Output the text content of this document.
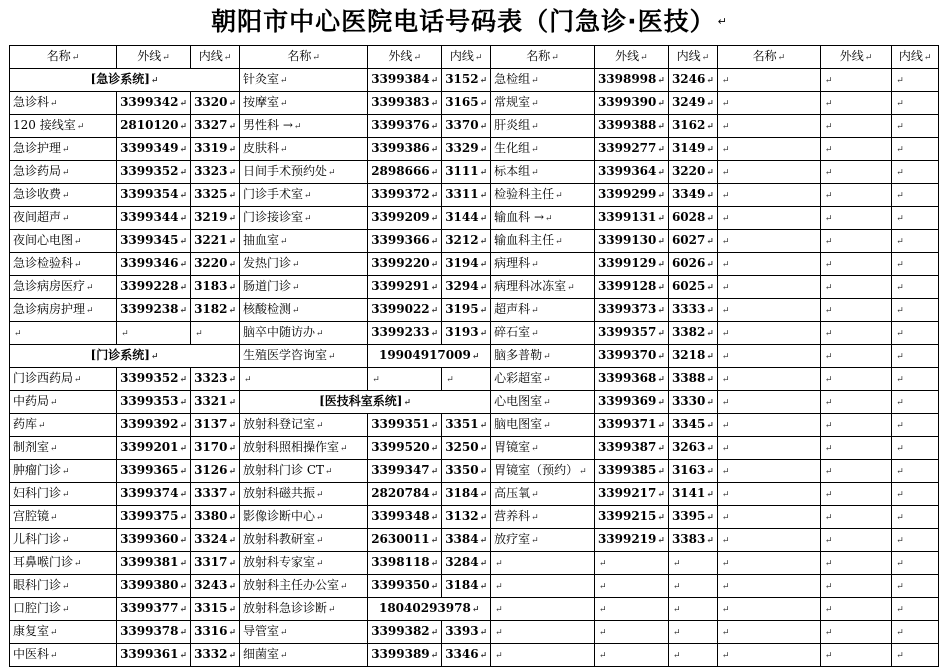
朝阳市中心医院电话号码表（门急诊·医技） ↵
名称↵	外线↵	内线↵	名称↵	外线↵	内线↵	名称↵	外线↵	内线↵	名称↵	外线↵	内线↵
[急诊系统]↵			针灸室↵	3399384↵	3152↵	急检组↵	3398998↵	3246↵	↵	↵	↵
急诊科↵	3399342↵	3320↵	按摩室↵	3399383↵	3165↵	常规室↵	3399390↵	3249↵	↵	↵	↵
120 接线室↵	2810120↵	3327↵	男性科 →↵	3399376↵	3370↵	肝炎组↵	3399388↵	3162↵	↵	↵	↵
急诊护理↵	3399349↵	3319↵	皮肤科↵	3399386↵	3329↵	生化组↵	3399277↵	3149↵	↵	↵	↵
急诊药局↵	3399352↵	3323↵	日间手术预约处↵	2898666↵	3111↵	标本组↵	3399364↵	3220↵	↵	↵	↵
急诊收费↵	3399354↵	3325↵	门诊手术室↵	3399372↵	3311↵	检验科主任↵	3399299↵	3349↵	↵	↵	↵
夜间超声↵	3399344↵	3219↵	门诊接诊室↵	3399209↵	3144↵	输血科 →↵	3399131↵	6028↵	↵	↵	↵
夜间心电图↵	3399345↵	3221↵	抽血室↵	3399366↵	3212↵	输血科主任↵	3399130↵	6027↵	↵	↵	↵
急诊检验科↵	3399346↵	3220↵	发热门诊↵	3399220↵	3194↵	病理科↵	3399129↵	6026↵	↵	↵	↵
急诊病房医疗↵	3399228↵	3183↵	肠道门诊↵	3399291↵	3294↵	病理科冰冻室↵	3399128↵	6025↵	↵	↵	↵
急诊病房护理↵	3399238↵	3182↵	核酸检测↵	3399022↵	3195↵	超声科↵	3399373↵	3333↵	↵	↵	↵
↵	↵	↵	脑卒中随访办↵	3399233↵	3193↵	碎石室↵	3399357↵	3382↵	↵	↵	↵
[门诊系统]↵			生殖医学咨询室↵	19904917009↵		脑多普勒↵	3399370↵	3218↵	↵	↵	↵
门诊西药局↵	3399352↵	3323↵	↵	↵	↵	心彩超室↵	3399368↵	3388↵	↵	↵	↵
中药局↵	3399353↵	3321↵	[医技科室系统]↵			心电图室↵	3399369↵	3330↵	↵	↵	↵
药库↵	3399392↵	3137↵	放射科登记室↵	3399351↵	3351↵	脑电图室↵	3399371↵	3345↵	↵	↵	↵
制剂室↵	3399201↵	3170↵	放射科照相操作室↵	3399520↵	3250↵	胃镜室↵	3399387↵	3263↵	↵	↵	↵
肿瘤门诊↵	3399365↵	3126↵	放射科门诊 CT↵	3399347↵	3350↵	胃镜室（预约）↵	3399385↵	3163↵	↵	↵	↵
妇科门诊↵	3399374↵	3337↵	放射科磁共振↵	2820784↵	3184↵	高压氧↵	3399217↵	3141↵	↵	↵	↵
宫腔镜↵	3399375↵	3380↵	影像诊断中心↵	3399348↵	3132↵	营养科↵	3399215↵	3395↵	↵	↵	↵
儿科门诊↵	3399360↵	3324↵	放射科教研室↵	2630011↵	3384↵	放疗室↵	3399219↵	3383↵	↵	↵	↵
耳鼻喉门诊↵	3399381↵	3317↵	放射科专家室↵	3398118↵	3284↵	↵	↵	↵	↵	↵	↵
眼科门诊↵	3399380↵	3243↵	放射科主任办公室↵	3399350↵	3184↵	↵	↵	↵	↵	↵	↵
口腔门诊↵	3399377↵	3315↵	放射科急诊诊断↵	18040293978↵		↵	↵	↵	↵	↵	↵
康复室↵	3399378↵	3316↵	导管室↵	3399382↵	3393↵	↵	↵	↵	↵	↵	↵
中医科↵	3399361↵	3332↵	细菌室↵	3399389↵	3346↵	↵	↵	↵	↵	↵	↵
